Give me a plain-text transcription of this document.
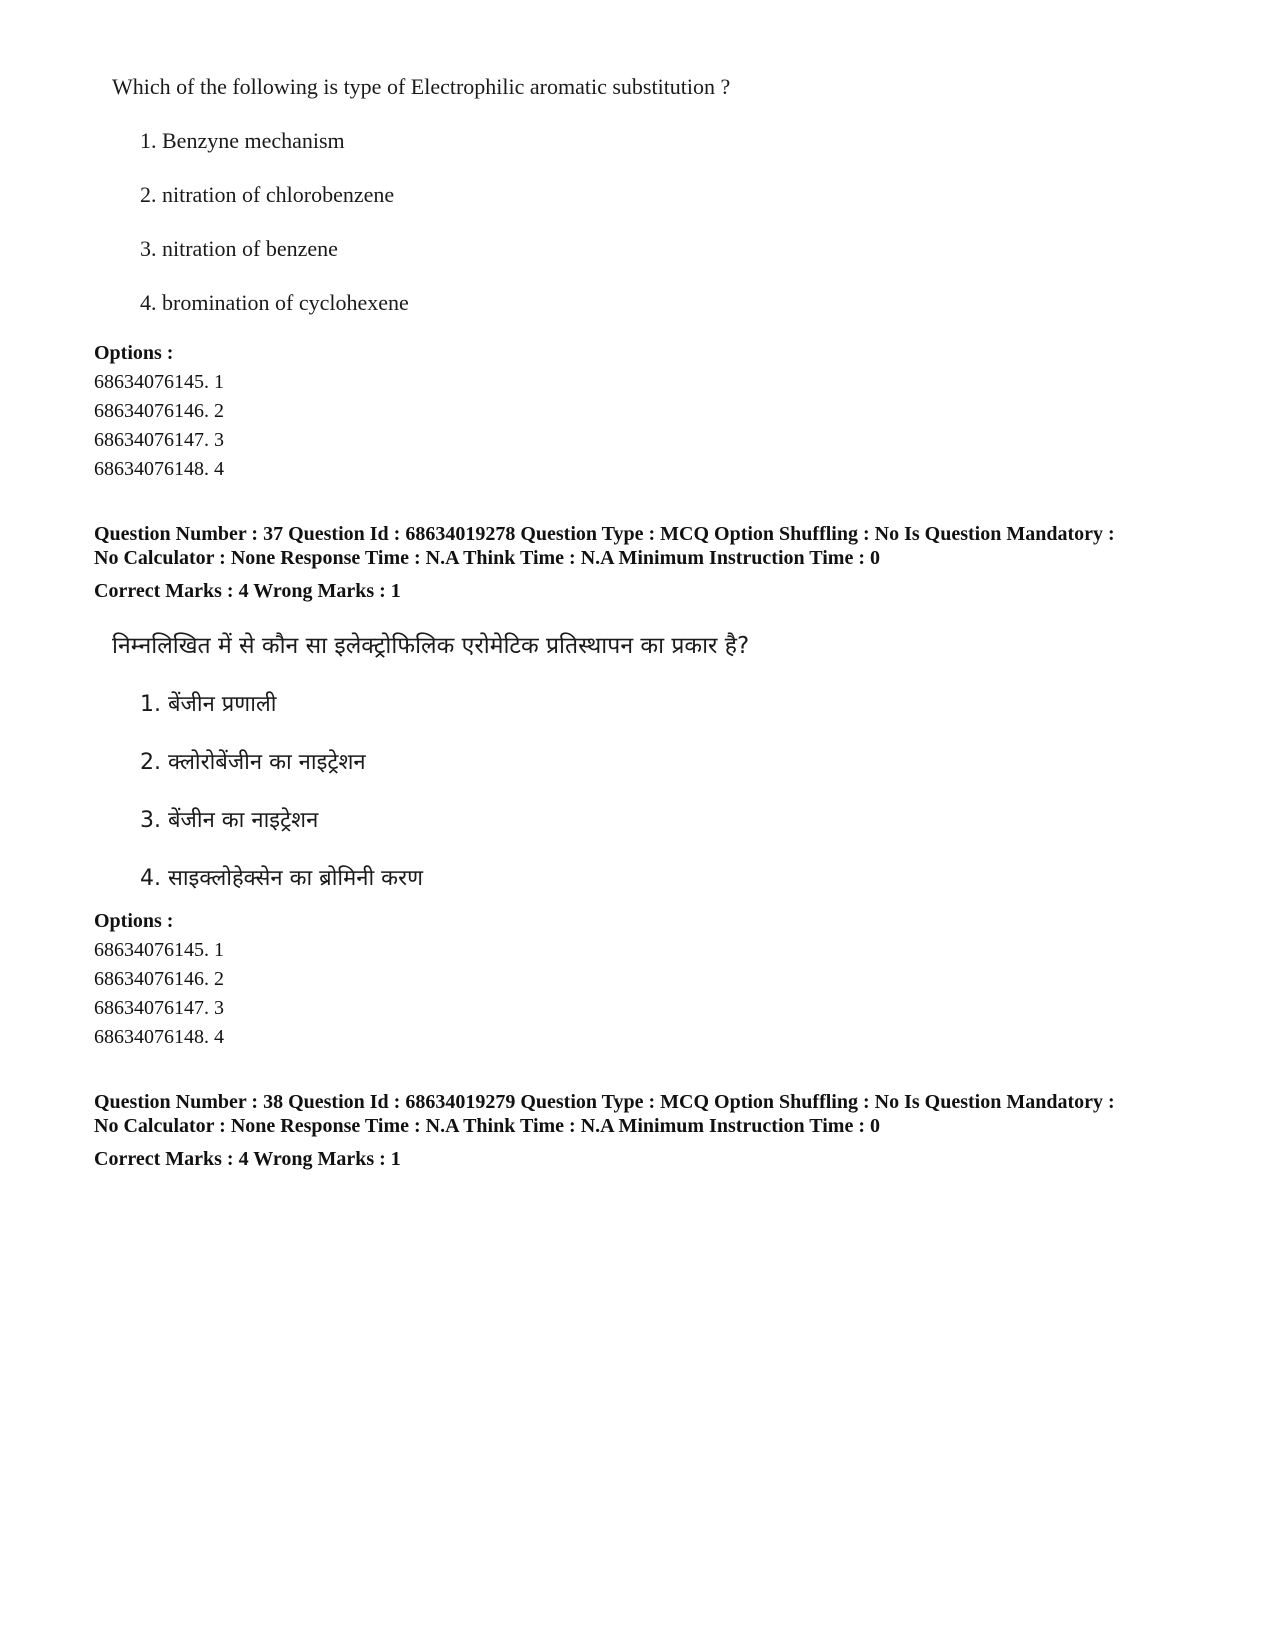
Which of the following is type of Electrophilic aromatic substitution ?
1. Benzyne mechanism
2. nitration of chlorobenzene
3. nitration of benzene
4. bromination of cyclohexene
Options :
68634076145. 1
68634076146. 2
68634076147. 3
68634076148. 4
Question Number : 37 Question Id : 68634019278 Question Type : MCQ Option Shuffling : No Is Question Mandatory :
No Calculator : None Response Time : N.A Think Time : N.A Minimum Instruction Time : 0
Correct Marks : 4 Wrong Marks : 1
निम्नलिखित में से कौन सा इलेक्ट्रोफिलिक एरोमेटिक प्रतिस्थापन का प्रकार है?
1. बेंजीन प्रणाली
2. क्लोरोबेंजीन का नाइट्रेशन
3. बेंजीन का नाइट्रेशन
4. साइक्लोहेक्सेन का ब्रोमिनी करण
Options :
68634076145. 1
68634076146. 2
68634076147. 3
68634076148. 4
Question Number : 38 Question Id : 68634019279 Question Type : MCQ Option Shuffling : No Is Question Mandatory :
No Calculator : None Response Time : N.A Think Time : N.A Minimum Instruction Time : 0
Correct Marks : 4 Wrong Marks : 1
